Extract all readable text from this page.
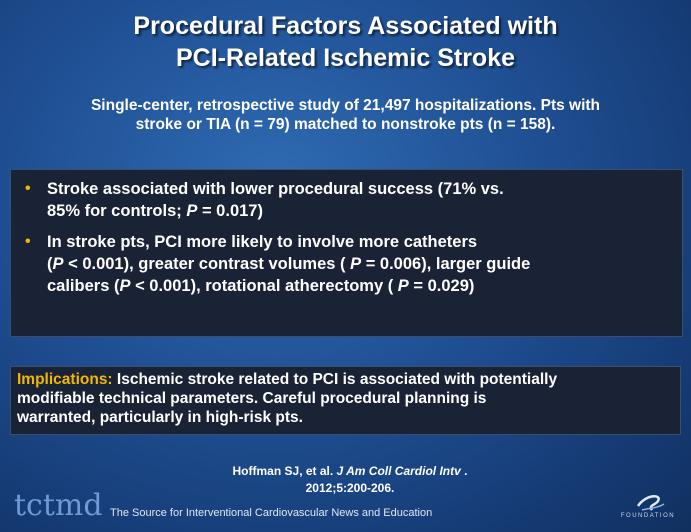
Procedural Factors Associated with
PCI-Related Ischemic Stroke
Single-center, retrospective study of 21,497 hospitalizations. Pts with
stroke or TIA (n = 79) matched to nonstroke pts (n = 158).
• Stroke associated with lower procedural success (71% vs.
85% for controls; P = 0.017)
• In stroke pts, PCI more likely to involve more catheters
(P < 0.001), greater contrast volumes ( P = 0.006), larger guide
calibers (P < 0.001), rotational atherectomy ( P = 0.029)
Implications: Ischemic stroke related to PCI is associated with potentially
modifiable technical parameters. Careful procedural planning is
warranted, particularly in high-risk pts.
Hoffman SJ, et al. J Am Coll Cardiol Intv .
2012;5:200-206.
tctmd The Source for Interventional Cardiovascular News and Education	FOUNDATION
